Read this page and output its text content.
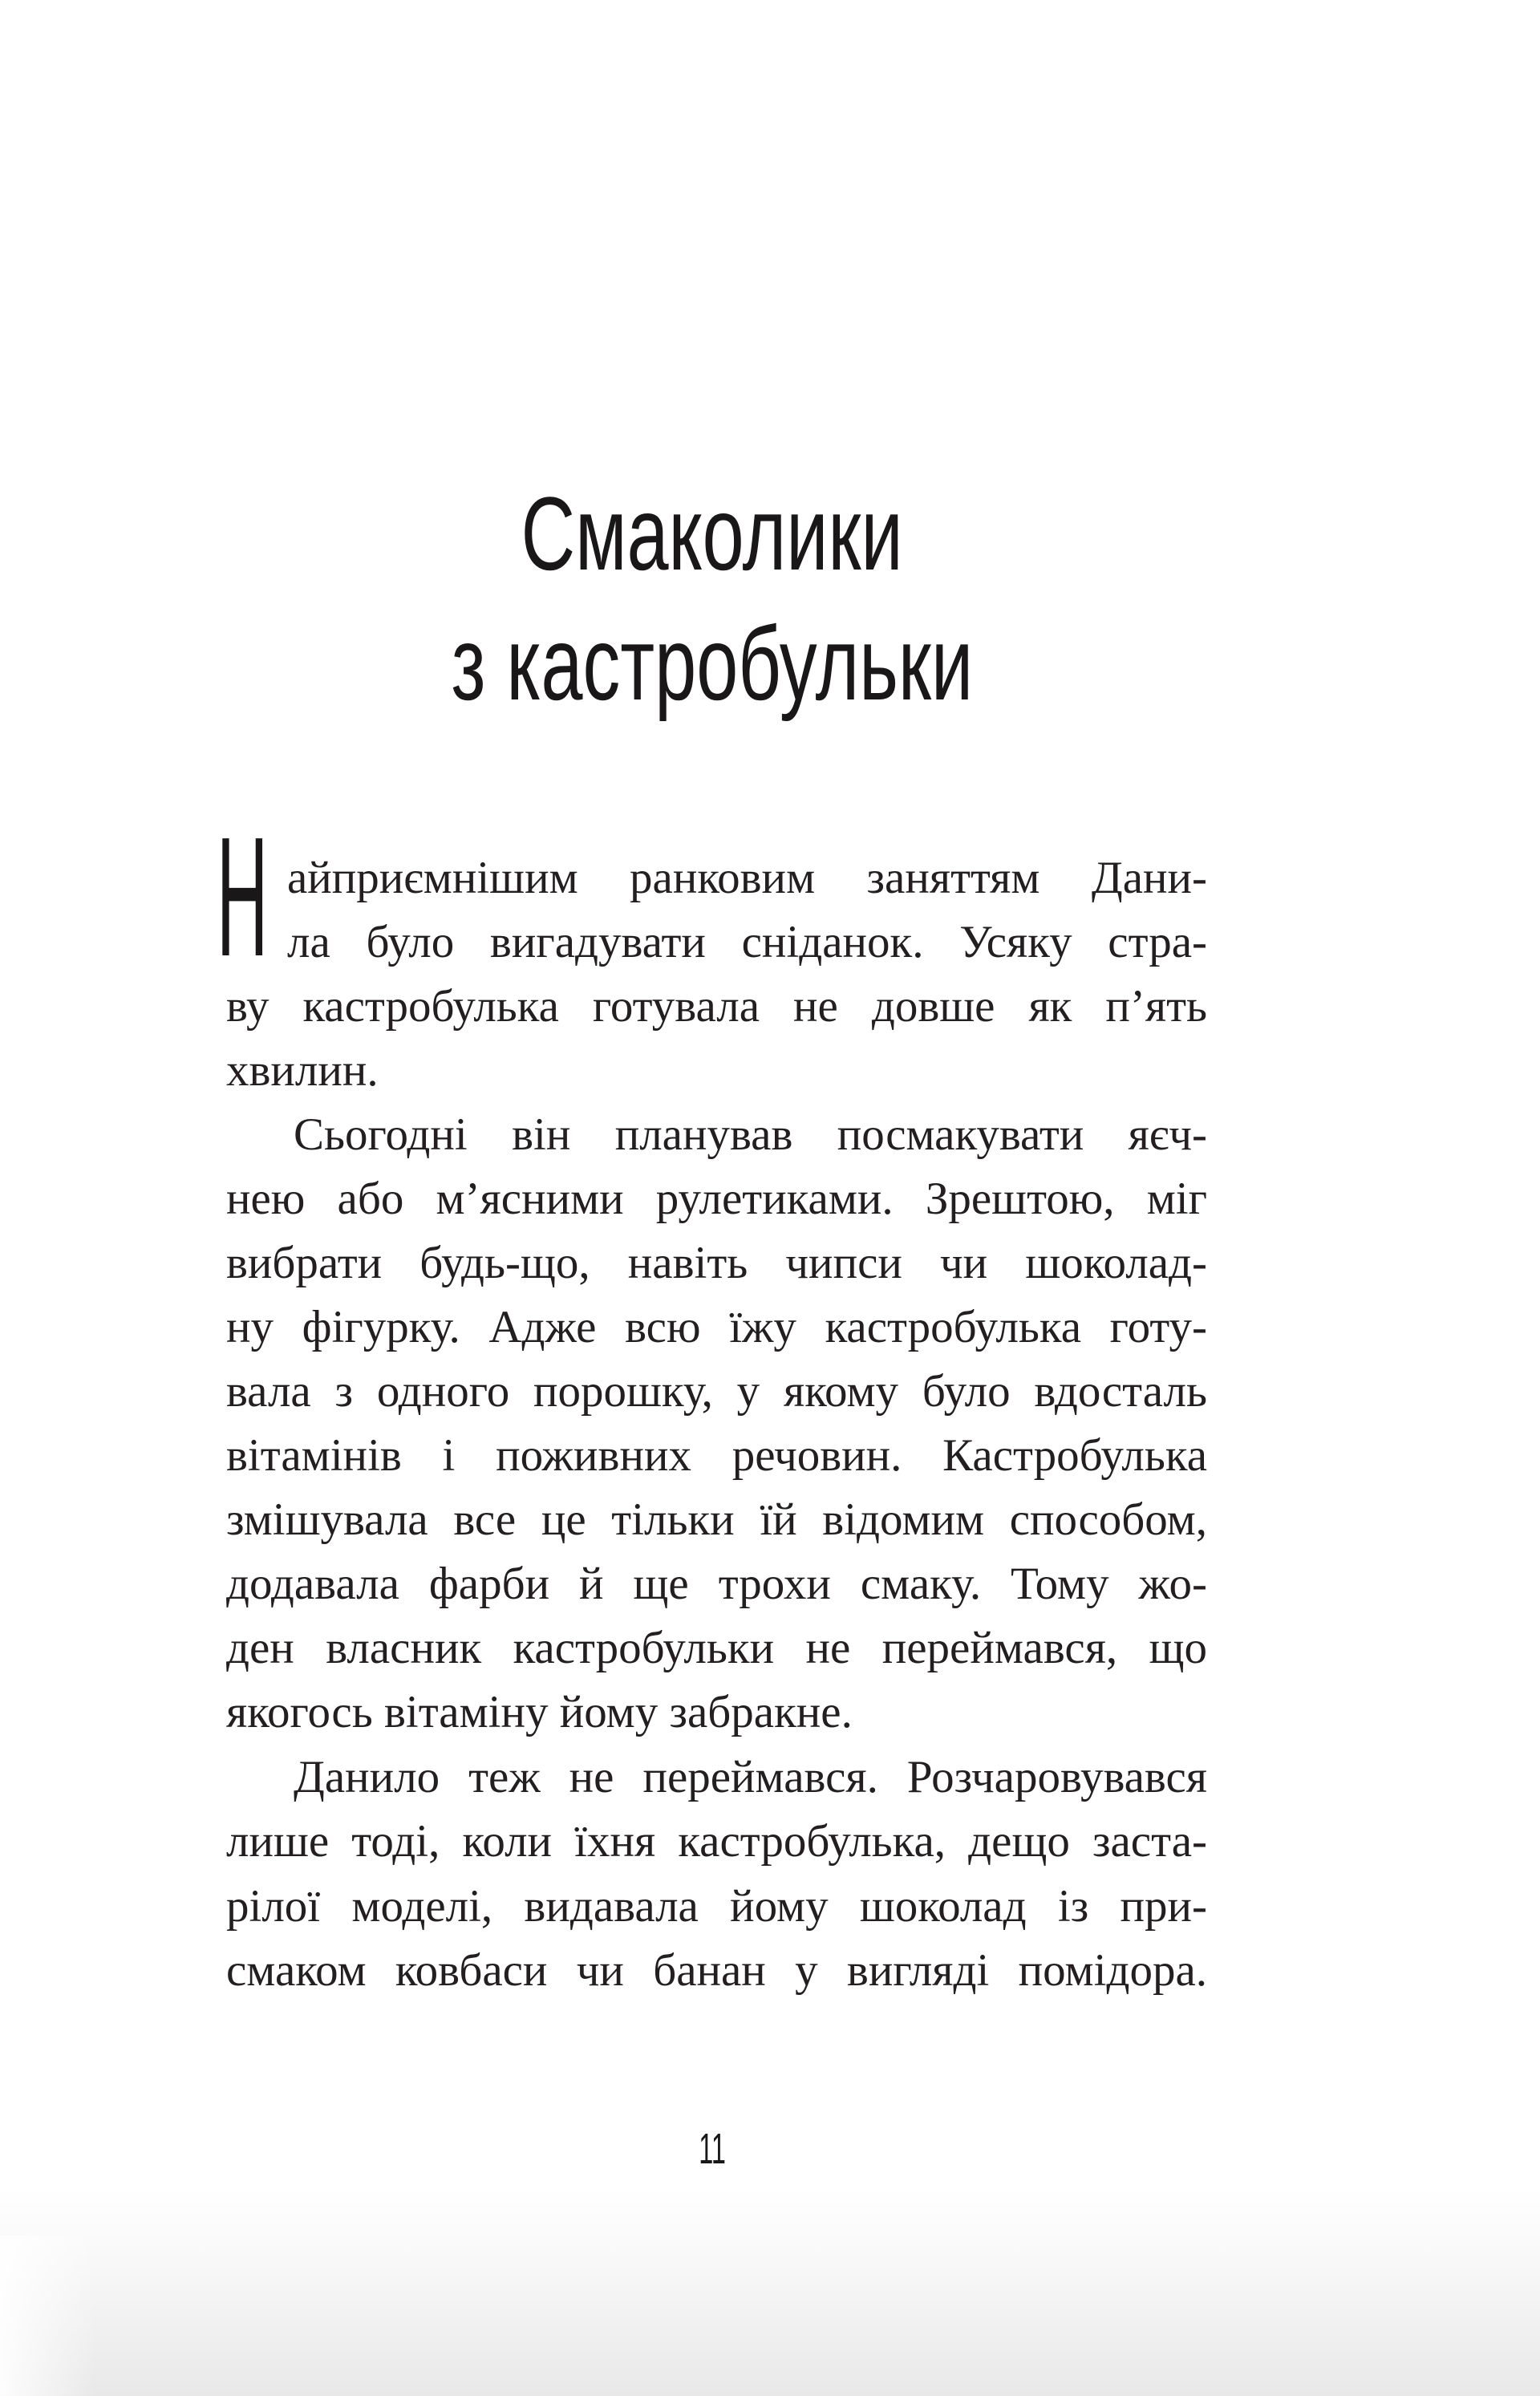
Смаколики
з кастробульки
Н айприємнішим ранковим заняттям Дани-
ла було вигадувати сніданок. Усяку стра-
ву кастробулька готувала не довше як п’ять
хвилин.
Сьогодні він планував посмакувати яєч-
нею або м’ясними рулетиками. Зрештою, міг
вибрати будь-що, навіть чипси чи шоколад-
ну фігурку. Адже всю їжу кастробулька готу-
вала з одного порошку, у якому було вдосталь
вітамінів і поживних речовин. Кастробулька
змішувала все це тільки їй відомим способом,
додавала фарби й ще трохи смаку. Тому жо-
ден власник кастробульки не переймався, що
якогось вітаміну йому забракне.
Данило теж не переймався. Розчаровувався
лише тоді, коли їхня кастробулька, дещо заста-
рілої моделі, видавала йому шоколад із при-
смаком ковбаси чи банан у вигляді помідора.
11
